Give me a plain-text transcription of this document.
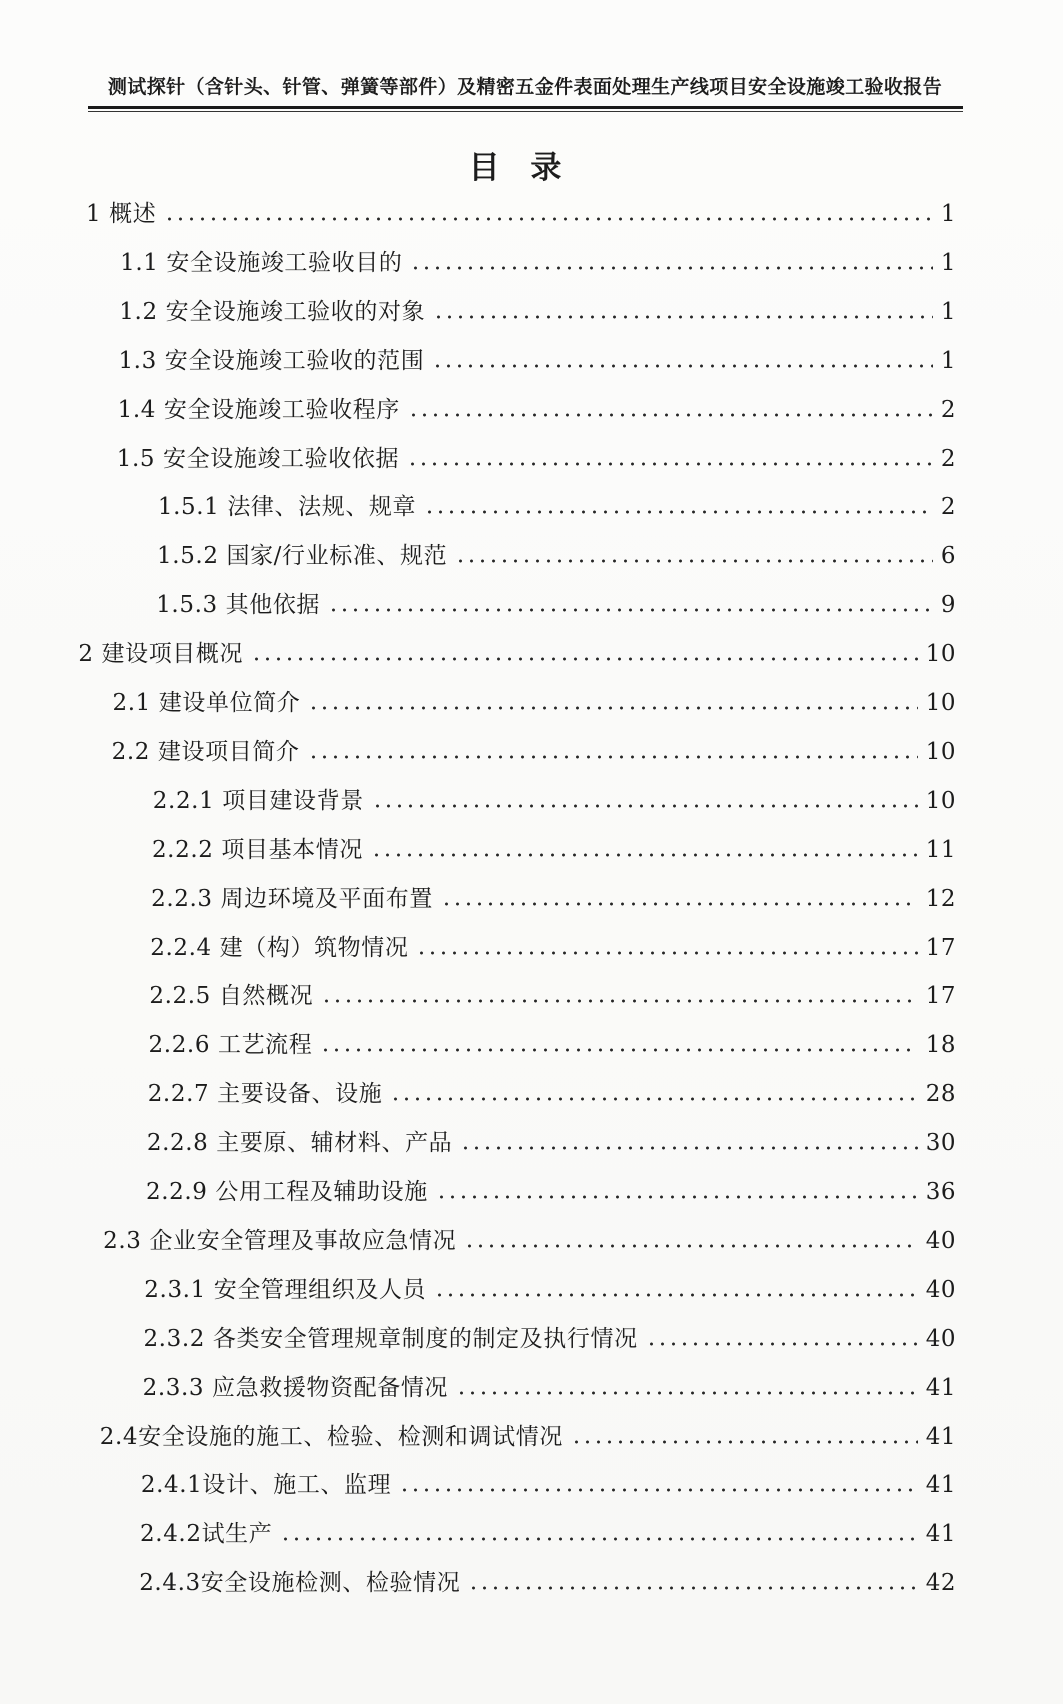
测试探针（含针头、针管、弹簧等部件）及精密五金件表面处理生产线项目安全设施竣工验收报告
目 录
1 概述	1
1.1 安全设施竣工验收目的	1
1.2 安全设施竣工验收的对象	1
1.3 安全设施竣工验收的范围	1
1.4 安全设施竣工验收程序	2
1.5 安全设施竣工验收依据	2
1.5.1 法律、法规、规章	2
1.5.2 国家/行业标准、规范	6
1.5.3 其他依据	9
2 建设项目概况	10
2.1 建设单位简介	10
2.2 建设项目简介	10
2.2.1 项目建设背景	10
2.2.2 项目基本情况	11
2.2.3 周边环境及平面布置	12
2.2.4 建（构）筑物情况	17
2.2.5 自然概况	17
2.2.6 工艺流程	18
2.2.7 主要设备、设施	28
2.2.8 主要原、辅材料、产品	30
2.2.9 公用工程及辅助设施	36
2.3 企业安全管理及事故应急情况	40
2.3.1 安全管理组织及人员	40
2.3.2 各类安全管理规章制度的制定及执行情况	40
2.3.3 应急救援物资配备情况	41
2.4安全设施的施工、检验、检测和调试情况	41
2.4.1设计、施工、监理	41
2.4.2试生产	41
2.4.3安全设施检测、检验情况	42
